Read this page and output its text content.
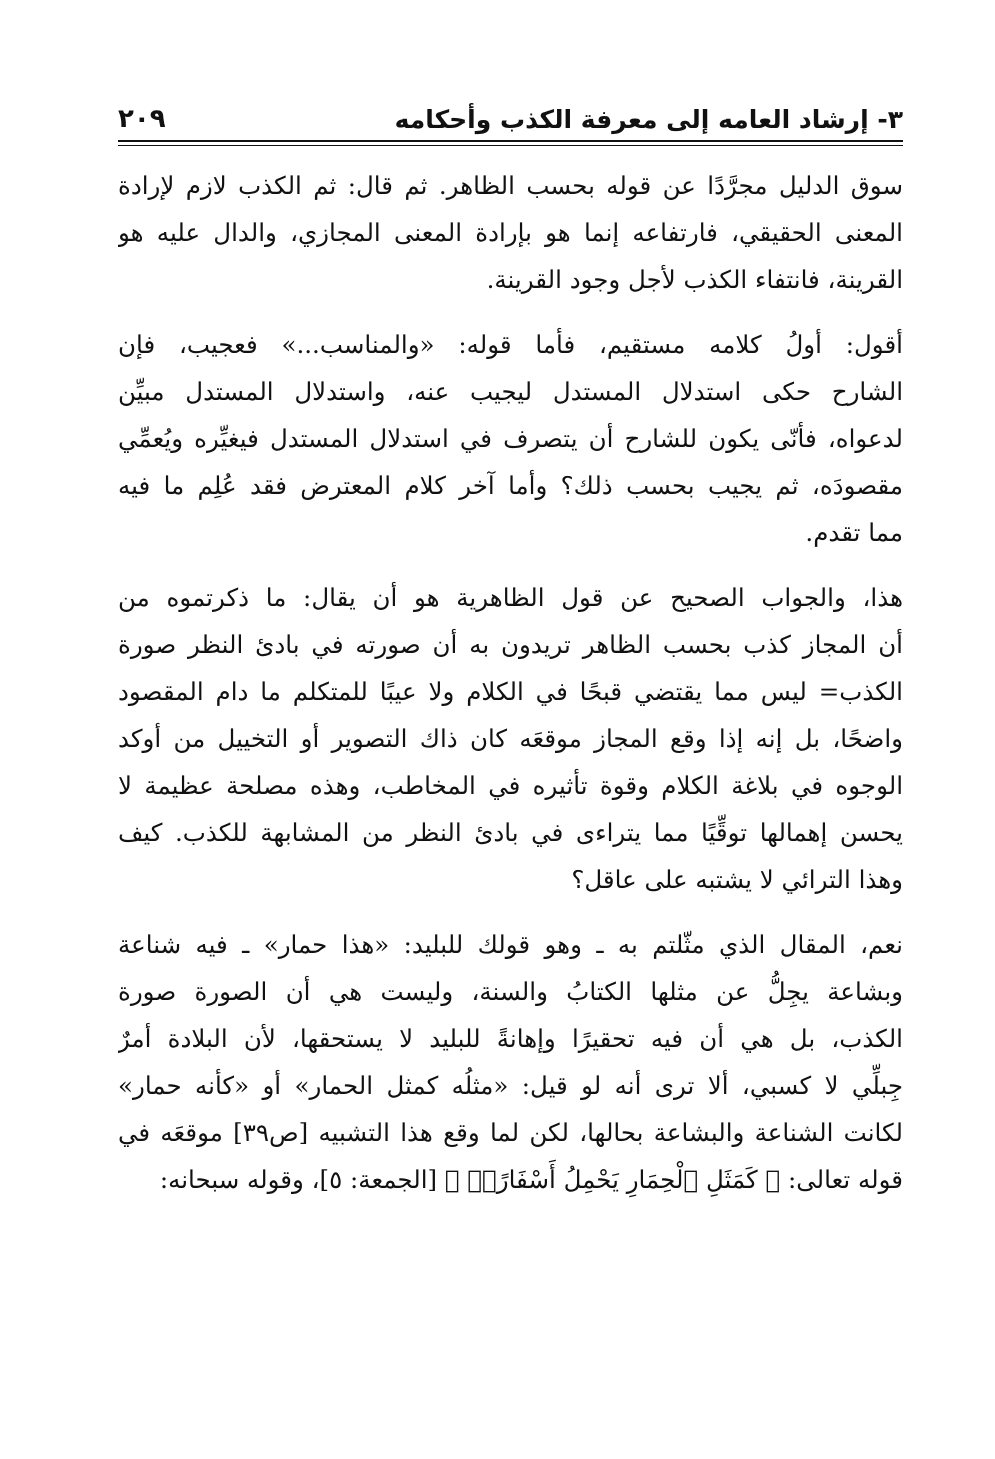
٣- إرشاد العامه إلى معرفة الكذب وأحكامه
٢٠٩
سوق الدليل مجرَّدًا عن قوله بحسب الظاهر. ثم قال: ثم الكذب لازم لإرادة
المعنى الحقيقي، فارتفاعه إنما هو بإرادة المعنى المجازي، والدال عليه هو
القرينة، فانتفاء الكذب لأجل وجود القرينة.
أقول: أولُ كلامه مستقيم، فأما قوله: «والمناسب...» فعجيب، فإن
الشارح حكى استدلال المستدل ليجيب عنه، واستدلال المستدل مبيِّن
لدعواه، فأنّى يكون للشارح أن يتصرف في استدلال المستدل فيغيِّره ويُعمِّي
مقصودَه، ثم يجيب بحسب ذلك؟ وأما آخر كلام المعترض فقد عُلِم ما فيه
مما تقدم.
هذا، والجواب الصحيح عن قول الظاهرية هو أن يقال: ما ذكرتموه من
أن المجاز كذب بحسب الظاهر تريدون به أن صورته في بادئ النظر صورة
الكذب= ليس مما يقتضي قبحًا في الكلام ولا عيبًا للمتكلم ما دام المقصود
واضحًا، بل إنه إذا وقع المجاز موقعَه كان ذاك التصوير أو التخييل من أوكد
الوجوه في بلاغة الكلام وقوة تأثيره في المخاطب، وهذه مصلحة عظيمة لا
يحسن إهمالها توقِّيًا مما يتراءى في بادئ النظر من المشابهة للكذب. كيف
وهذا الترائي لا يشتبه على عاقل؟
نعم، المقال الذي مثّلتم به ـ وهو قولك للبليد: «هذا حمار» ـ فيه شناعة
وبشاعة يجِلُّ عن مثلها الكتابُ والسنة، وليست هي أن الصورة صورة
الكذب، بل هي أن فيه تحقيرًا وإهانةً للبليد لا يستحقها، لأن البلادة أمرٌ
جِبلِّي لا كسبي، ألا ترى أنه لو قيل: «مثلُه كمثل الحمار» أو «كأنه حمار»
لكانت الشناعة والبشاعة بحالها، لكن لما وقع هذا التشبيه [ص٣٩] موقعَه في
قوله تعالى: ﴿ كَمَثَلِ ٱلْحِمَارِ يَحْمِلُ أَسْفَارًاۚ ﴾ [الجمعة: ٥]، وقوله سبحانه:
